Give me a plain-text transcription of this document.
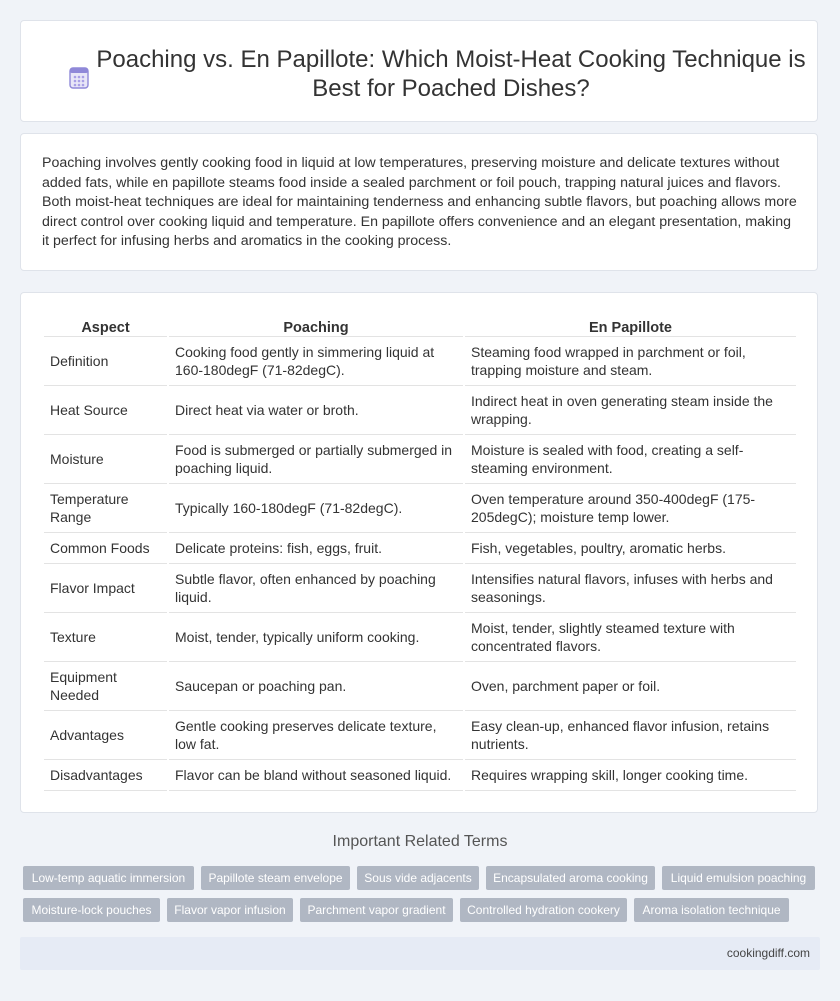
Poaching vs. En Papillote: Which Moist-Heat Cooking Technique is Best for Poached Dishes?

Poaching involves gently cooking food in liquid at low temperatures, preserving moisture and delicate textures without added fats, while en papillote steams food inside a sealed parchment or foil pouch, trapping natural juices and flavors. Both moist-heat techniques are ideal for maintaining tenderness and enhancing subtle flavors, but poaching allows more direct control over cooking liquid and temperature. En papillote offers convenience and an elegant presentation, making it perfect for infusing herbs and aromatics in the cooking process.

Aspect	Poaching	En Papillote
Definition	Cooking food gently in simmering liquid at 160-180degF (71-82degC).	Steaming food wrapped in parchment or foil, trapping moisture and steam.
Heat Source	Direct heat via water or broth.	Indirect heat in oven generating steam inside the wrapping.
Moisture	Food is submerged or partially submerged in poaching liquid.	Moisture is sealed with food, creating a self-steaming environment.
Temperature Range	Typically 160-180degF (71-82degC).	Oven temperature around 350-400degF (175-205degC); moisture temp lower.
Common Foods	Delicate proteins: fish, eggs, fruit.	Fish, vegetables, poultry, aromatic herbs.
Flavor Impact	Subtle flavor, often enhanced by poaching liquid.	Intensifies natural flavors, infuses with herbs and seasonings.
Texture	Moist, tender, typically uniform cooking.	Moist, tender, slightly steamed texture with concentrated flavors.
Equipment Needed	Saucepan or poaching pan.	Oven, parchment paper or foil.
Advantages	Gentle cooking preserves delicate texture, low fat.	Easy clean-up, enhanced flavor infusion, retains nutrients.
Disadvantages	Flavor can be bland without seasoned liquid.	Requires wrapping skill, longer cooking time.
Important Related Terms
Low-temp aquatic immersion	Papillote steam envelope	Sous vide adjacents	Encapsulated aroma cooking	Liquid emulsion poaching
Moisture-lock pouches	Flavor vapor infusion	Parchment vapor gradient	Controlled hydration cookery	Aroma isolation technique
cookingdiff.com
